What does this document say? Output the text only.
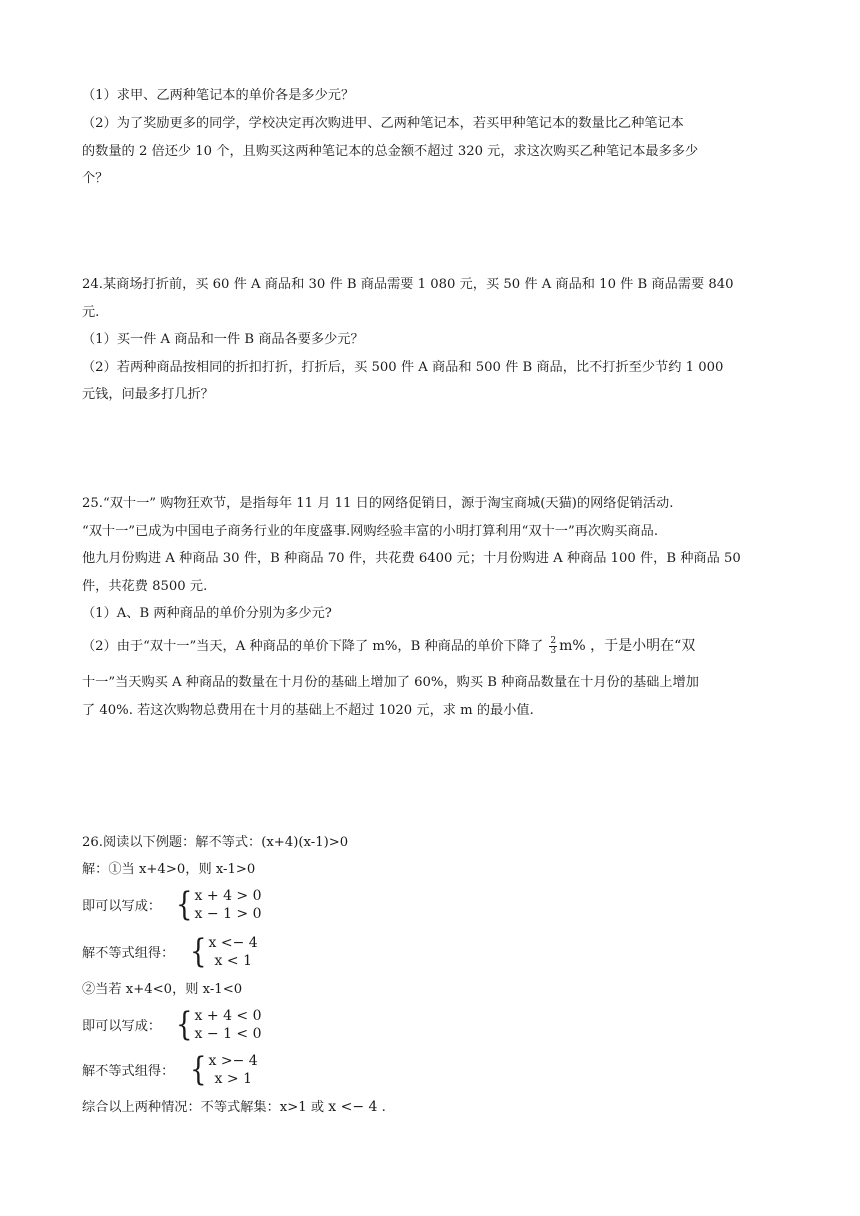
（1）求甲、乙两种笔记本的单价各是多少元？
（2）为了奖励更多的同学，学校决定再次购进甲、乙两种笔记本，若买甲种笔记本的数量比乙种笔记本
的数量的 2 倍还少 10 个，且购买这两种笔记本的总金额不超过 320 元，求这次购买乙种笔记本最多多少
个？
24.某商场打折前，买 60 件 A 商品和 30 件 B 商品需要 1 080 元，买 50 件 A 商品和 10 件 B 商品需要 840
元.
（1）买一件 A 商品和一件 B 商品各要多少元？
（2）若两种商品按相同的折扣打折，打折后，买 500 件 A 商品和 500 件 B 商品，比不打折至少节约 1 000
元钱，问最多打几折？
25.“双十一” 购物狂欢节，是指每年 11 月 11 日的网络促销日，源于淘宝商城(天猫)的网络促销活动.
“双十一”已成为中国电子商务行业的年度盛事.网购经验丰富的小明打算利用“双十一”再次购买商品.
他九月份购进 A 种商品 30 件，B 种商品 70 件，共花费 6400 元；十月份购进 A 种商品 100 件，B 种商品 50
件，共花费 8500 元.
（1）A、B 两种商品的单价分别为多少元?
（2）由于“双十一”当天，A 种商品的单价下降了 m%，B 种商品的单价下降了 $\frac{2}{3} m\%$ ，于是小明在“双
十一”当天购买 A 种商品的数量在十月份的基础上增加了 60%，购买 B 种商品数量在十月份的基础上增加
了 40%. 若这次购物总费用在十月的基础上不超过 1020 元，求 m 的最小值.
26.阅读以下例题：解不等式：(x+4)(x-1)>0
解：①当 x+4>0，则 x-1>0
即可以写成： { x + 4 > 0
x − 1 > 0
解不等式组得： { x <− 4
x < 1
②当若 x+4<0，则 x-1<0
即可以写成： { x + 4 < 0
x − 1 < 0
解不等式组得： { x >− 4
x > 1
综合以上两种情况：不等式解集：x>1 或 x <− 4 .
